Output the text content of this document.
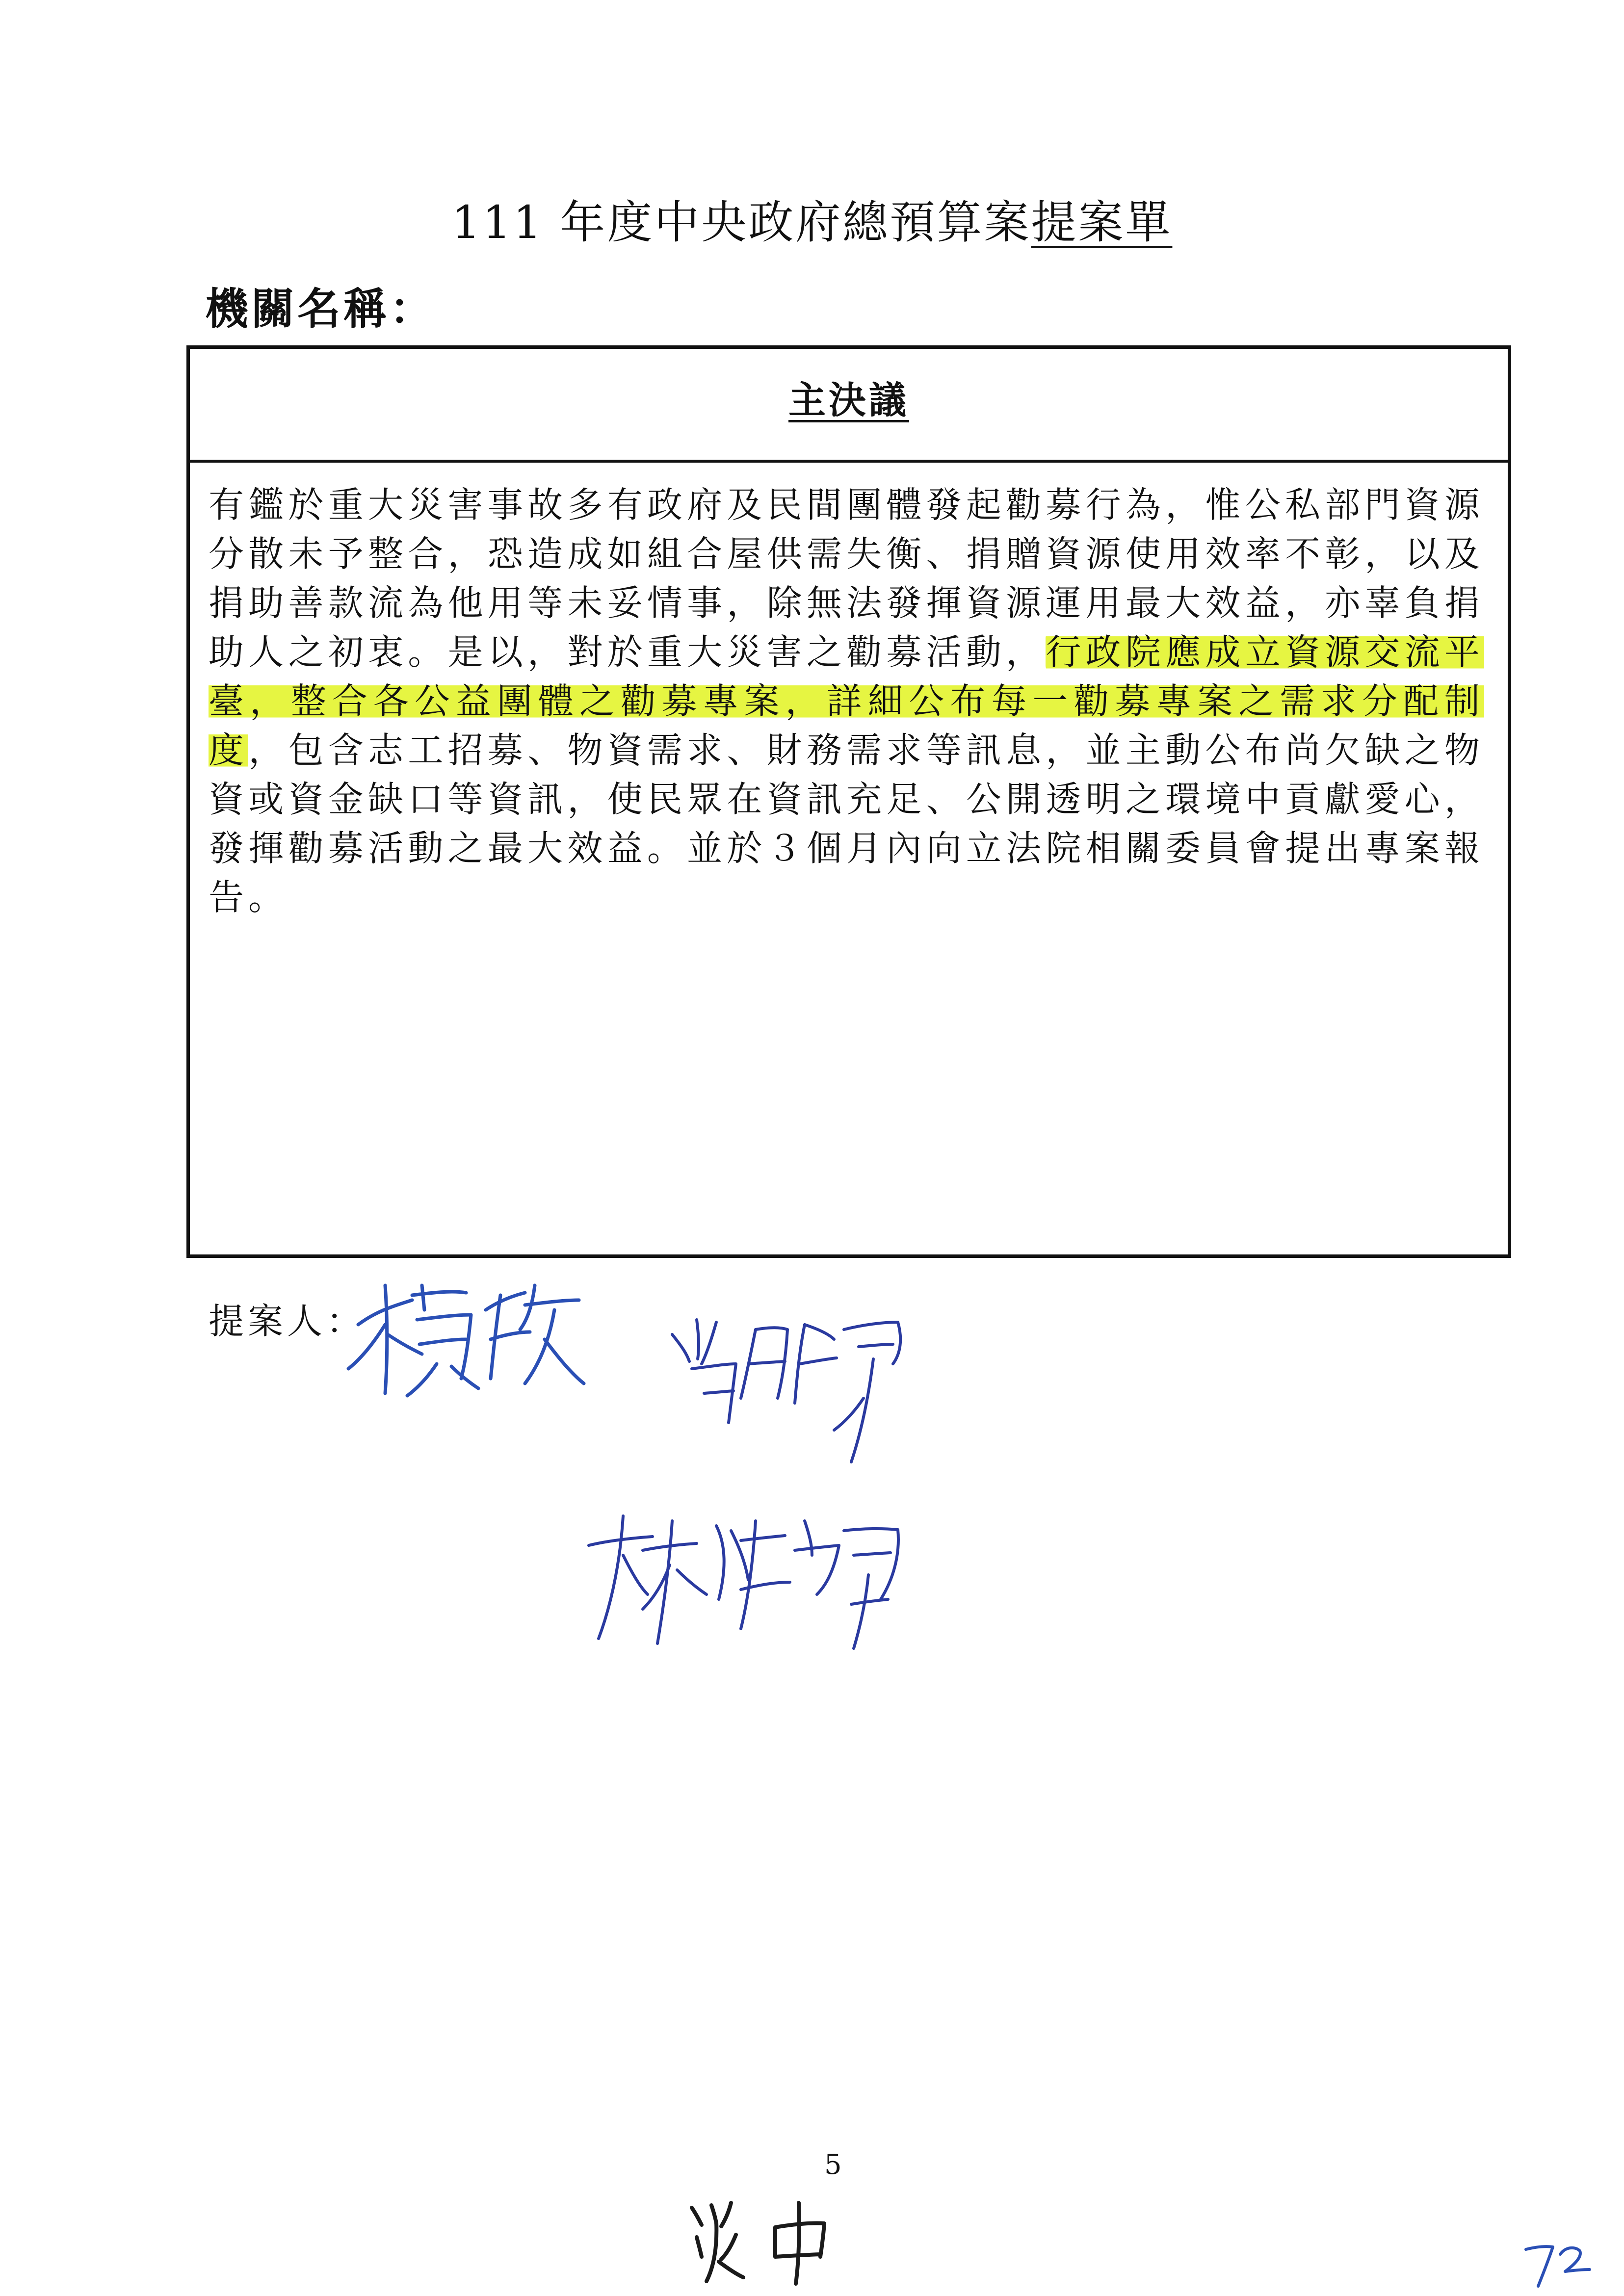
111 年度中央政府總預算案提案單
機關名稱：
主決議
有鑑於重大災害事故多有政府及民間團體發起勸募行為，惟公私部門資源分散未予整合，恐造成如組合屋供需失衡、捐贈資源使用效率不彰，以及捐助善款流為他用等未妥情事，除無法發揮資源運用最大效益，亦辜負捐助人之初衷。是以，對於重大災害之勸募活動，行政院應成立資源交流平臺，整合各公益團體之勸募專案，詳細公布每一勸募專案之需求分配制度，包含志工招募、物資需求、財務需求等訊息，並主動公布尚欠缺之物資或資金缺口等資訊，使民眾在資訊充足、公開透明之環境中貢獻愛心，發揮勸募活動之最大效益。並於３個月內向立法院相關委員會提出專案報告。
提案人：
5
